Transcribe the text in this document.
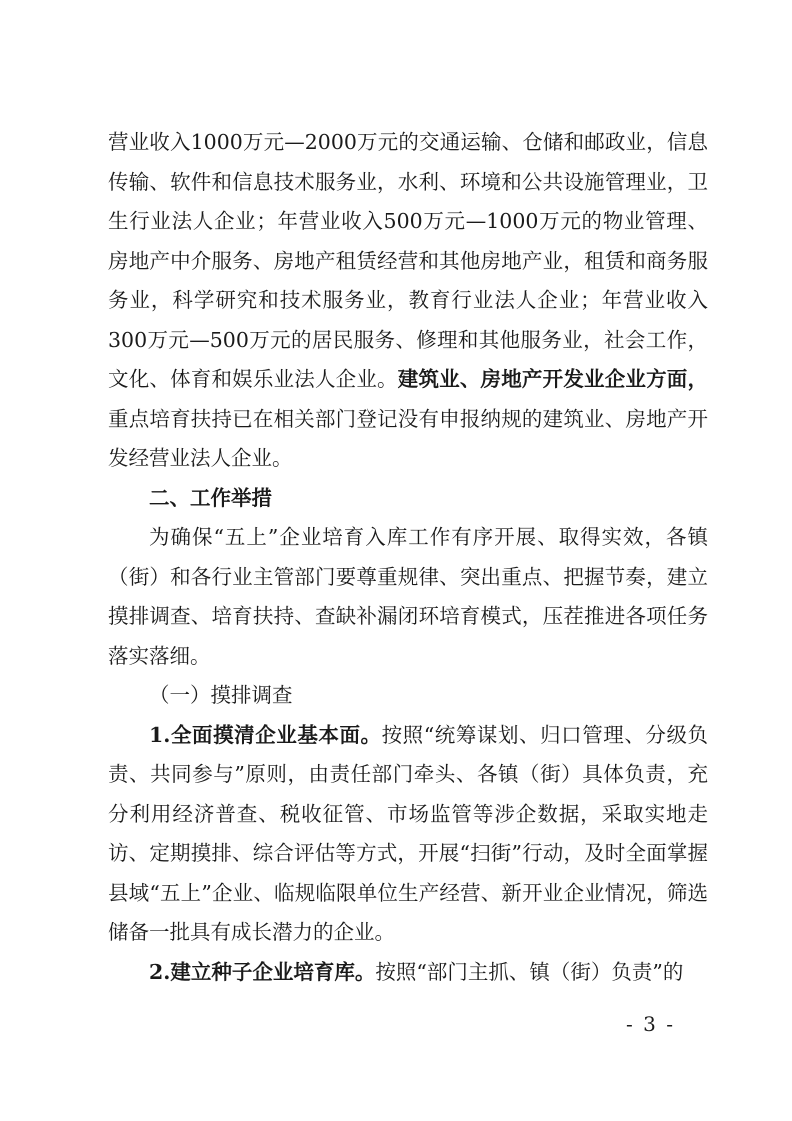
营业收入1000万元—2000万元的交通运输、仓储和邮政业，信息传输、软件和信息技术服务业，水利、环境和公共设施管理业，卫生行业法人企业；年营业收入500万元—1000万元的物业管理、房地产中介服务、房地产租赁经营和其他房地产业，租赁和商务服务业，科学研究和技术服务业，教育行业法人企业；年营业收入300万元—500万元的居民服务、修理和其他服务业，社会工作，文化、体育和娱乐业法人企业。建筑业、房地产开发业企业方面，重点培育扶持已在相关部门登记没有申报纳规的建筑业、房地产开发经营业法人企业。

二、工作举措

为确保“五上”企业培育入库工作有序开展、取得实效，各镇（街）和各行业主管部门要尊重规律、突出重点、把握节奏，建立摸排调查、培育扶持、查缺补漏闭环培育模式，压茬推进各项任务落实落细。

（一）摸排调查

1.全面摸清企业基本面。按照“统筹谋划、归口管理、分级负责、共同参与”原则，由责任部门牵头、各镇（街）具体负责，充分利用经济普查、税收征管、市场监管等涉企数据，采取实地走访、定期摸排、综合评估等方式，开展“扫街”行动，及时全面掌握县域“五上”企业、临规临限单位生产经营、新开业企业情况，筛选储备一批具有成长潜力的企业。

2.建立种子企业培育库。按照“部门主抓、镇（街）负责”的

- 3 -
